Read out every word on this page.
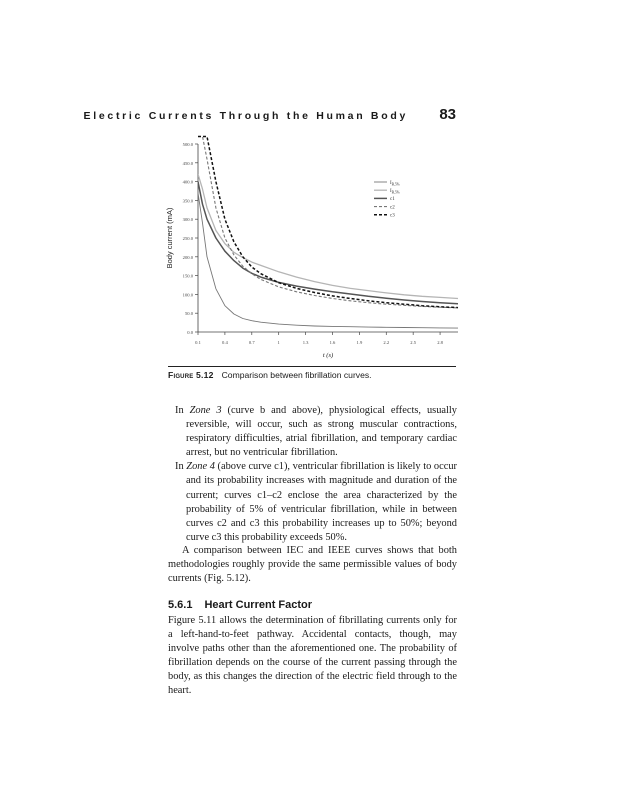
Electric Currents Through the Human Body 83
0.0
50.0
100.0
150.0
200.0
250.0
300.0
350.0
400.0
450.0
500.0
0.1	0.4	0.7	1	1.3	1.6	1.9	2.2	2.5	2.8
$I_{B,5\%}$
$I_{B,5\%}$
c1
c2
c3
Body current (mA)
t (s)
Figure 5.12 Comparison between fibrillation curves.

In Zone 3 (curve b and above), physiological effects, usually reversible, will occur, such as strong muscular contractions, respiratory difficulties, atrial fibrillation, and temporary cardiac arrest, but no ventricular fibrillation.

In Zone 4 (above curve c1), ventricular fibrillation is likely to occur and its probability increases with magnitude and duration of the current; curves c1–c2 enclose the area characterized by the probability of 5% of ventricular fibrillation, while in between curves c2 and c3 this probability increases up to 50%; beyond curve c3 this probability exceeds 50%.

A comparison between IEC and IEEE curves shows that both methodologies roughly provide the same permissible values of body currents (Fig. 5.12).

5.6.1 Heart Current Factor

Figure 5.11 allows the determination of fibrillating currents only for a left-hand-to-feet pathway. Accidental contacts, though, may involve paths other than the aforementioned one. The probability of fibrillation depends on the course of the current passing through the body, as this changes the direction of the electric field through to the heart.
